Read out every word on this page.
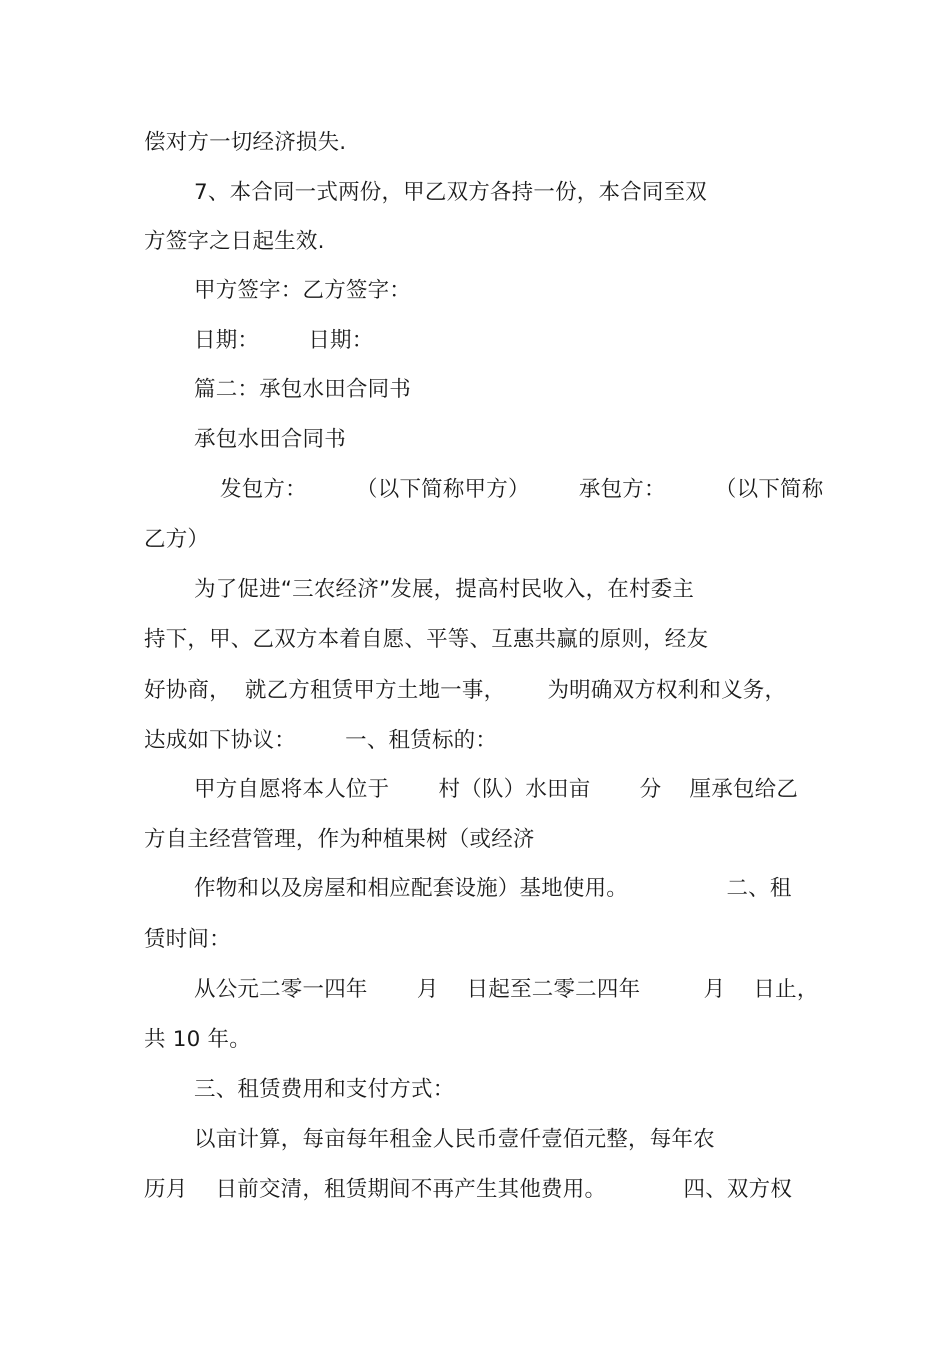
偿对方一切经济损失.
7、本合同一式两份，甲乙双方各持一份，本合同至双
方签字之日起生效.
甲方签字：乙方签字：
日期：       日期：
篇二：承包水田合同书
承包水田合同书
发包方：       （以下简称甲方）       承包方：       （以下简称
乙方）
为了促进“三农经济”发展，提高村民收入，在村委主
持下，甲、乙双方本着自愿、平等、互惠共赢的原则，经友
好协商，  就乙方租赁甲方土地一事，      为明确双方权利和义务，
达成如下协议：       一、租赁标的：
甲方自愿将本人位于       村（队）水田亩       分    厘承包给乙
方自主经营管理，作为种植果树（或经济
作物和以及房屋和相应配套设施）基地使用。              二、租
赁时间：
从公元二零一四年       月    日起至二零二四年         月    日止，
共 10 年。
三、租赁费用和支付方式：
以亩计算，每亩每年租金人民币壹仟壹佰元整，每年农
历月    日前交清，租赁期间不再产生其他费用。           四、双方权
